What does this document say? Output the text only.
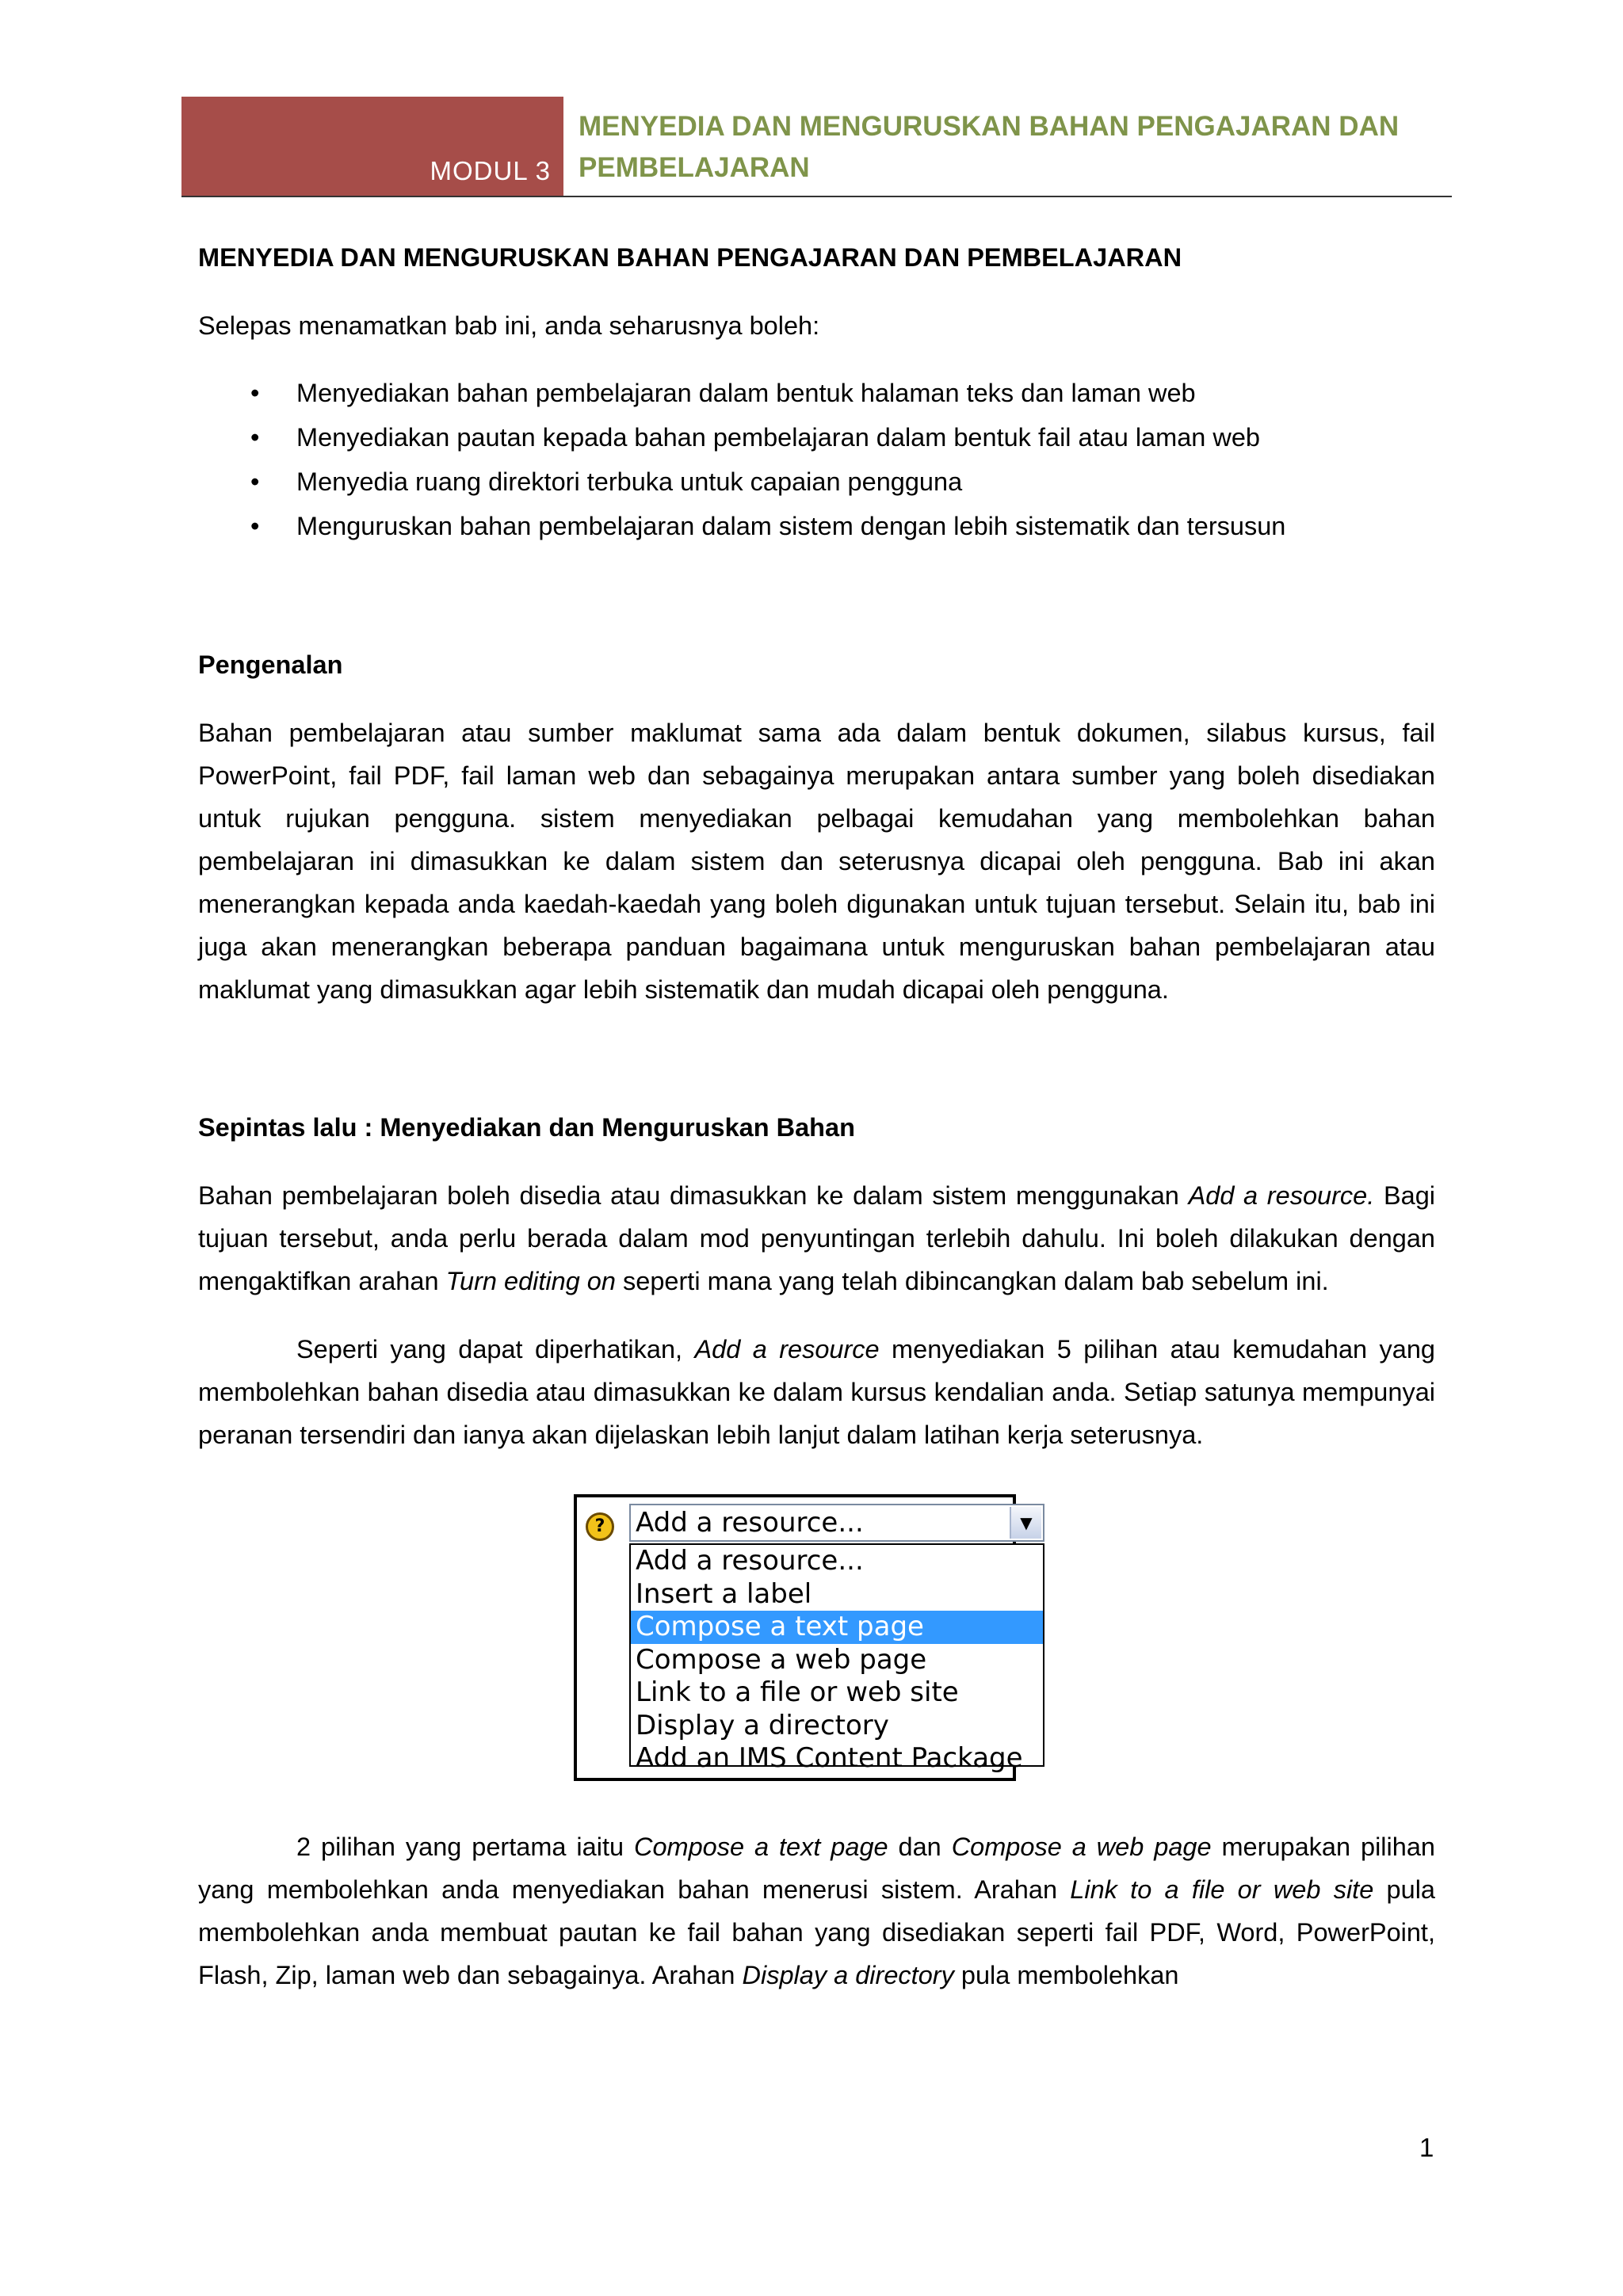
MODUL 3
MENYEDIA DAN MENGURUSKAN BAHAN PENGAJARAN DAN PEMBELAJARAN

MENYEDIA DAN MENGURUSKAN BAHAN PENGAJARAN DAN PEMBELAJARAN

Selepas menamatkan bab ini, anda seharusnya boleh:

• Menyediakan bahan pembelajaran dalam bentuk halaman teks dan laman web
• Menyediakan pautan kepada bahan pembelajaran dalam bentuk fail atau laman web
• Menyedia ruang direktori terbuka untuk capaian pengguna
• Menguruskan bahan pembelajaran dalam sistem dengan lebih sistematik dan tersusun

Pengenalan

Bahan pembelajaran atau sumber maklumat sama ada dalam bentuk dokumen, silabus kursus, fail PowerPoint, fail PDF, fail laman web dan sebagainya merupakan antara sumber yang boleh disediakan untuk rujukan pengguna. sistem menyediakan pelbagai kemudahan yang membolehkan bahan pembelajaran ini dimasukkan ke dalam sistem dan seterusnya dicapai oleh pengguna. Bab ini akan menerangkan kepada anda kaedah-kaedah yang boleh digunakan untuk tujuan tersebut. Selain itu, bab ini juga akan menerangkan beberapa panduan bagaimana untuk menguruskan bahan pembelajaran atau maklumat yang dimasukkan agar lebih sistematik dan mudah dicapai oleh pengguna.

Sepintas lalu : Menyediakan dan Menguruskan Bahan

Bahan pembelajaran boleh disedia atau dimasukkan ke dalam sistem menggunakan Add a resource. Bagi tujuan tersebut, anda perlu berada dalam mod penyuntingan terlebih dahulu. Ini boleh dilakukan dengan mengaktifkan arahan Turn editing on seperti mana yang telah dibincangkan dalam bab sebelum ini.

Seperti yang dapat diperhatikan, Add a resource menyediakan 5 pilihan atau kemudahan yang membolehkan bahan disedia atau dimasukkan ke dalam kursus kendalian anda. Setiap satunya mempunyai peranan tersendiri dan ianya akan dijelaskan lebih lanjut dalam latihan kerja seterusnya.

?	Add a resource...	▼
Add a resource...
Insert a label
Compose a text page
Compose a web page
Link to a file or web site
Display a directory
Add an IMS Content Package

2 pilihan yang pertama iaitu Compose a text page dan Compose a web page merupakan pilihan yang membolehkan anda menyediakan bahan menerusi sistem. Arahan Link to a file or web site pula membolehkan anda membuat pautan ke fail bahan yang disediakan seperti fail PDF, Word, PowerPoint, Flash, Zip, laman web dan sebagainya. Arahan Display a directory pula membolehkan

1
